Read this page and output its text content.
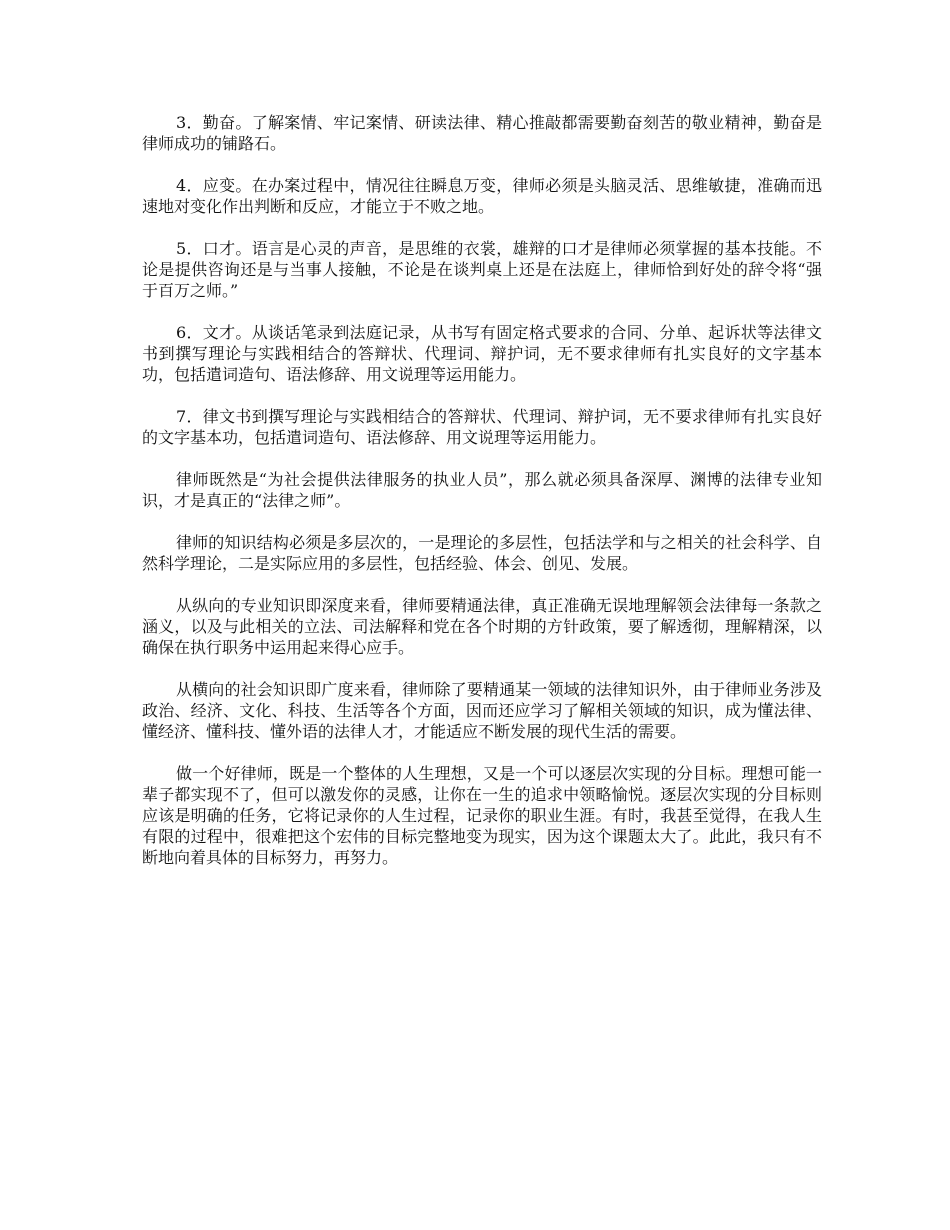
3．勤奋。了解案情、牢记案情、研读法律、精心推敲都需要勤奋刻苦的敬业精神，勤奋是律师成功的铺路石。

4．应变。在办案过程中，情况往往瞬息万变，律师必须是头脑灵活、思维敏捷，准确而迅速地对变化作出判断和反应，才能立于不败之地。

5．口才。语言是心灵的声音，是思维的衣裳，雄辩的口才是律师必须掌握的基本技能。不论是提供咨询还是与当事人接触，不论是在谈判桌上还是在法庭上，律师恰到好处的辞令将“强于百万之师。”

6．文才。从谈话笔录到法庭记录，从书写有固定格式要求的合同、分单、起诉状等法律文书到撰写理论与实践相结合的答辩状、代理词、辩护词，无不要求律师有扎实良好的文字基本功，包括遣词造句、语法修辞、用文说理等运用能力。

7．律文书到撰写理论与实践相结合的答辩状、代理词、辩护词，无不要求律师有扎实良好的文字基本功，包括遣词造句、语法修辞、用文说理等运用能力。

律师既然是“为社会提供法律服务的执业人员”，那么就必须具备深厚、渊博的法律专业知识，才是真正的“法律之师”。

律师的知识结构必须是多层次的，一是理论的多层性，包括法学和与之相关的社会科学、自然科学理论，二是实际应用的多层性，包括经验、体会、创见、发展。

从纵向的专业知识即深度来看，律师要精通法律，真正准确无误地理解领会法律每一条款之涵义，以及与此相关的立法、司法解释和党在各个时期的方针政策，要了解透彻，理解精深，以确保在执行职务中运用起来得心应手。

从横向的社会知识即广度来看，律师除了要精通某一领域的法律知识外，由于律师业务涉及政治、经济、文化、科技、生活等各个方面，因而还应学习了解相关领域的知识，成为懂法律、懂经济、懂科技、懂外语的法律人才，才能适应不断发展的现代生活的需要。

做一个好律师，既是一个整体的人生理想，又是一个可以逐层次实现的分目标。理想可能一辈子都实现不了，但可以激发你的灵感，让你在一生的追求中领略愉悦。逐层次实现的分目标则应该是明确的任务，它将记录你的人生过程，记录你的职业生涯。有时，我甚至觉得，在我人生有限的过程中，很难把这个宏伟的目标完整地变为现实，因为这个课题太大了。此此，我只有不断地向着具体的目标努力，再努力。
